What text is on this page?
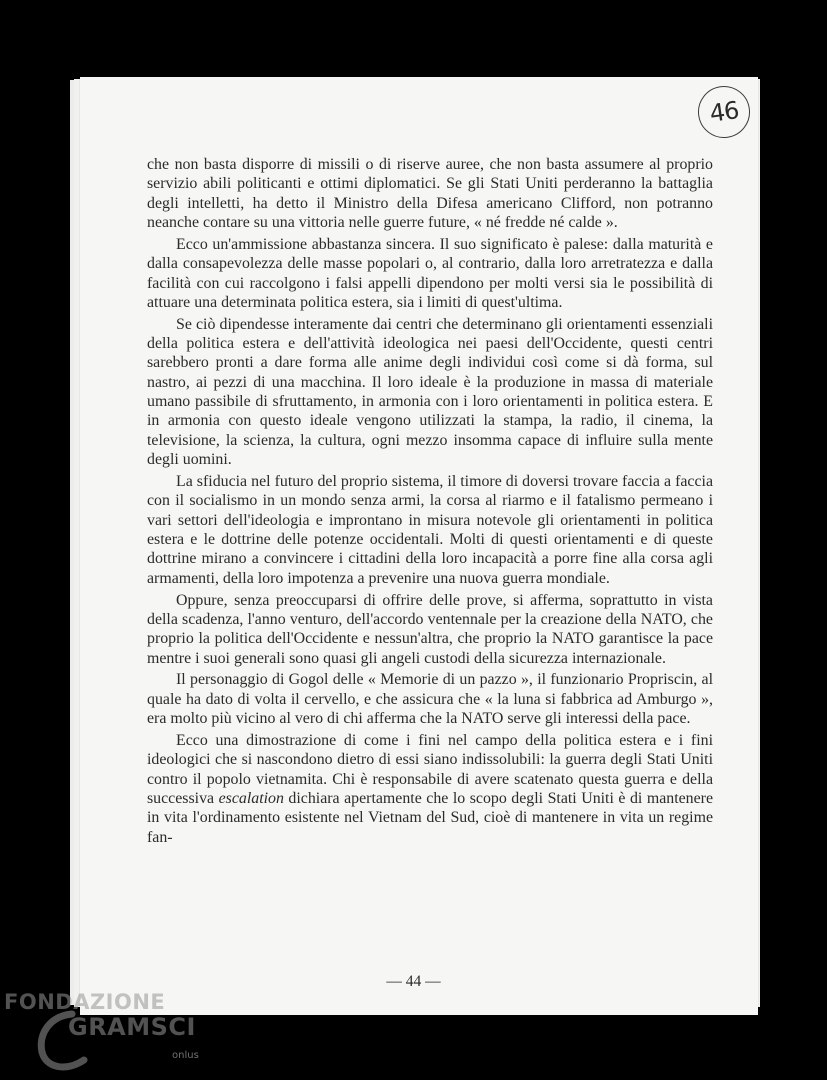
46

che non basta disporre di missili o di riserve auree, che non basta assumere al proprio servizio abili politicanti e ottimi diplomatici. Se gli Stati Uniti perderanno la battaglia degli intelletti, ha detto il Ministro della Difesa americano Clifford, non potranno neanche contare su una vittoria nelle guerre future, « né fredde né calde ».

Ecco un'ammissione abbastanza sincera. Il suo significato è palese: dalla maturità e dalla consapevolezza delle masse popolari o, al contrario, dalla loro arretratezza e dalla facilità con cui raccolgono i falsi appelli dipendono per molti versi sia le possibilità di attuare una determinata politica estera, sia i limiti di quest'ultima.

Se ciò dipendesse interamente dai centri che determinano gli orientamenti essenziali della politica estera e dell'attività ideologica nei paesi dell'Occidente, questi centri sarebbero pronti a dare forma alle anime degli individui così come si dà forma, sul nastro, ai pezzi di una macchina. Il loro ideale è la produzione in massa di materiale umano passibile di sfruttamento, in armonia con i loro orientamenti in politica estera. E in armonia con questo ideale vengono utilizzati la stampa, la radio, il cinema, la televisione, la scienza, la cultura, ogni mezzo insomma capace di influire sulla mente degli uomini.

La sfiducia nel futuro del proprio sistema, il timore di doversi trovare faccia a faccia con il socialismo in un mondo senza armi, la corsa al riarmo e il fatalismo permeano i vari settori dell'ideologia e improntano in misura notevole gli orientamenti in politica estera e le dottrine delle potenze occidentali. Molti di questi orientamenti e di queste dottrine mirano a convincere i cittadini della loro incapacità a porre fine alla corsa agli armamenti, della loro impotenza a prevenire una nuova guerra mondiale.

Oppure, senza preoccuparsi di offrire delle prove, si afferma, soprattutto in vista della scadenza, l'anno venturo, dell'accordo ventennale per la creazione della NATO, che proprio la politica dell'Occidente e nessun'altra, che proprio la NATO garantisce la pace mentre i suoi generali sono quasi gli angeli custodi della sicurezza internazionale.

Il personaggio di Gogol delle « Memorie di un pazzo », il funzionario Propriscin, al quale ha dato di volta il cervello, e che assicura che « la luna si fabbrica ad Amburgo », era molto più vicino al vero di chi afferma che la NATO serve gli interessi della pace.

Ecco una dimostrazione di come i fini nel campo della politica estera e i fini ideologici che si nascondono dietro di essi siano indissolubili: la guerra degli Stati Uniti contro il popolo vietnamita. Chi è responsabile di avere scatenato questa guerra e della successiva escalation dichiara apertamente che lo scopo degli Stati Uniti è di mantenere in vita l'ordinamento esistente nel Vietnam del Sud, cioè di mantenere in vita un regime fan-

— 44 —
FONDAZIONE
GRAMSCI
onlus
